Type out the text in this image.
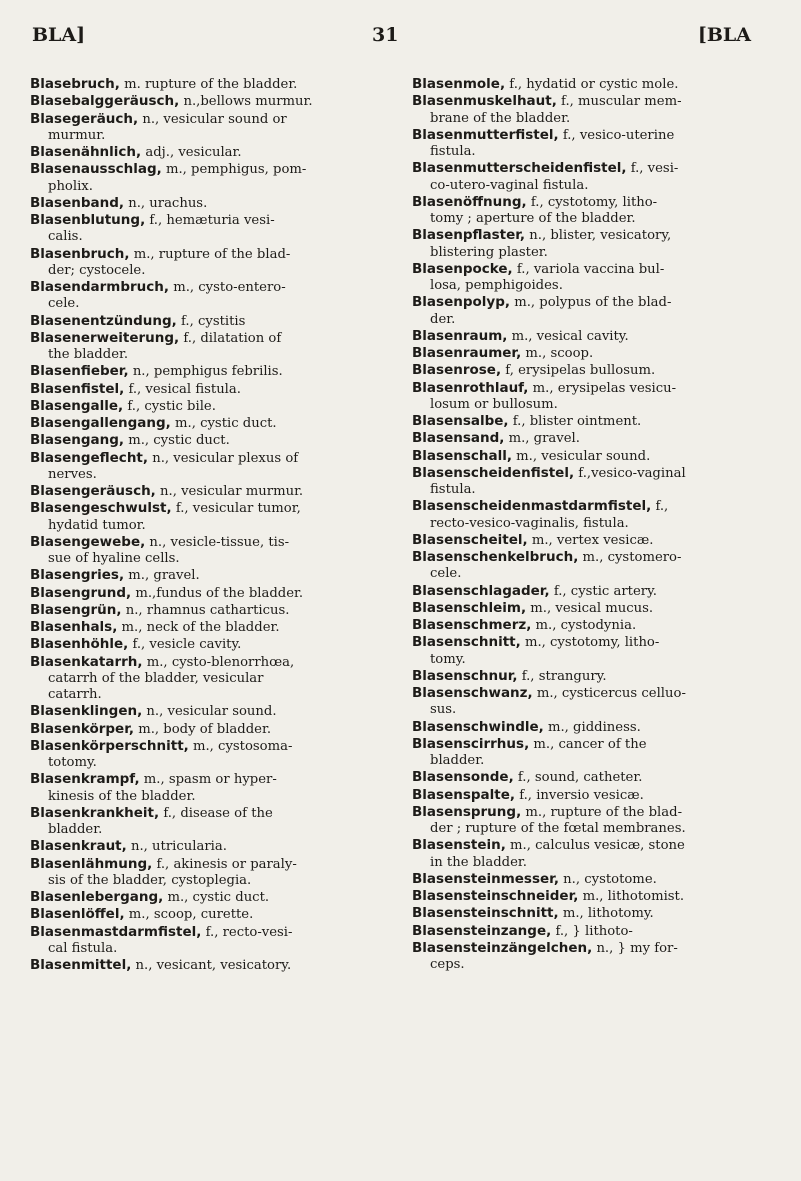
BLA]	31	[BLA

Blasebruch, m. rupture of the bladder.

Blasebalggeräusch, n.,bellows murmur.

Blasegeräuch, n., vesicular sound or
murmur.

Blasenähnlich, adj., vesicular.

Blasenausschlag, m., pemphigus, pom-
pholix.

Blasenband, n., urachus.

Blasenblutung, f., hemæturia vesi-
calis.

Blasenbruch, m., rupture of the blad-
der; cystocele.

Blasendarmbruch, m., cysto-entero-
cele.

Blasenentzündung, f., cystitis

Blasenerweiterung, f., dilatation of
the bladder.

Blasenfieber, n., pemphigus febrilis.

Blasenfistel, f., vesical fistula.

Blasengalle, f., cystic bile.

Blasengallengang, m., cystic duct.

Blasengang, m., cystic duct.

Blasengeflecht, n., vesicular plexus of
nerves.

Blasengeräusch, n., vesicular murmur.

Blasengeschwulst, f., vesicular tumor,
hydatid tumor.

Blasengewebe, n., vesicle-tissue, tis-
sue of hyaline cells.

Blasengries, m., gravel.

Blasengrund, m.,fundus of the bladder.

Blasengrün, n., rhamnus catharticus.

Blasenhals, m., neck of the bladder.

Blasenhöhle, f., vesicle cavity.

Blasenkatarrh, m., cysto-blenorrhœa,
catarrh of the bladder, vesicular
catarrh.

Blasenklingen, n., vesicular sound.

Blasenkörper, m., body of bladder.

Blasenkörperschnitt, m., cystosoma-
totomy.

Blasenkrampf, m., spasm or hyper-
kinesis of the bladder.

Blasenkrankheit, f., disease of the
bladder.

Blasenkraut, n., utricularia.

Blasenlähmung, f., akinesis or paraly-
sis of the bladder, cystoplegia.

Blasenlebergang, m., cystic duct.

Blasenlöffel, m., scoop, curette.

Blasenmastdarmfistel, f., recto-vesi-
cal fistula.

Blasenmittel, n., vesicant, vesicatory.

Blasenmole, f., hydatid or cystic mole.

Blasenmuskelhaut, f., muscular mem-
brane of the bladder.

Blasenmutterfistel, f., vesico-uterine
fistula.

Blasenmutterscheidenfistel, f., vesi-
co-utero-vaginal fistula.

Blasenöffnung, f., cystotomy, litho-
tomy ; aperture of the bladder.

Blasenpflaster, n., blister, vesicatory,
blistering plaster.

Blasenpocke, f., variola vaccina bul-
losa, pemphigoides.

Blasenpolyp, m., polypus of the blad-
der.

Blasenraum, m., vesical cavity.

Blasenraumer, m., scoop.

Blasenrose, f, erysipelas bullosum.

Blasenrothlauf, m., erysipelas vesicu-
losum or bullosum.

Blasensalbe, f., blister ointment.

Blasensand, m., gravel.

Blasenschall, m., vesicular sound.

Blasenscheidenfistel, f.,vesico-vaginal
fistula.

Blasenscheidenmastdarmfistel, f.,
recto-vesico-vaginalis, fistula.

Blasenscheitel, m., vertex vesicæ.

Blasenschenkelbruch, m., cystomero-
cele.

Blasenschlagader, f., cystic artery.

Blasenschleim, m., vesical mucus.

Blasenschmerz, m., cystodynia.

Blasenschnitt, m., cystotomy, litho-
tomy.

Blasenschnur, f., strangury.

Blasenschwanz, m., cysticercus celluo-
sus.

Blasenschwindle, m., giddiness.

Blasenscirrhus, m., cancer of the
bladder.

Blasensonde, f., sound, catheter.

Blasenspalte, f., inversio vesicæ.

Blasensprung, m., rupture of the blad-
der ; rupture of the fœtal membranes.

Blasenstein, m., calculus vesicæ, stone
in the bladder.

Blasensteinmesser, n., cystotome.

Blasensteinschneider, m., lithotomist.

Blasensteinschnitt, m., lithotomy.

Blasensteinzange, f., } lithoto-

Blasensteinzängelchen, n., } my for-
ceps.
